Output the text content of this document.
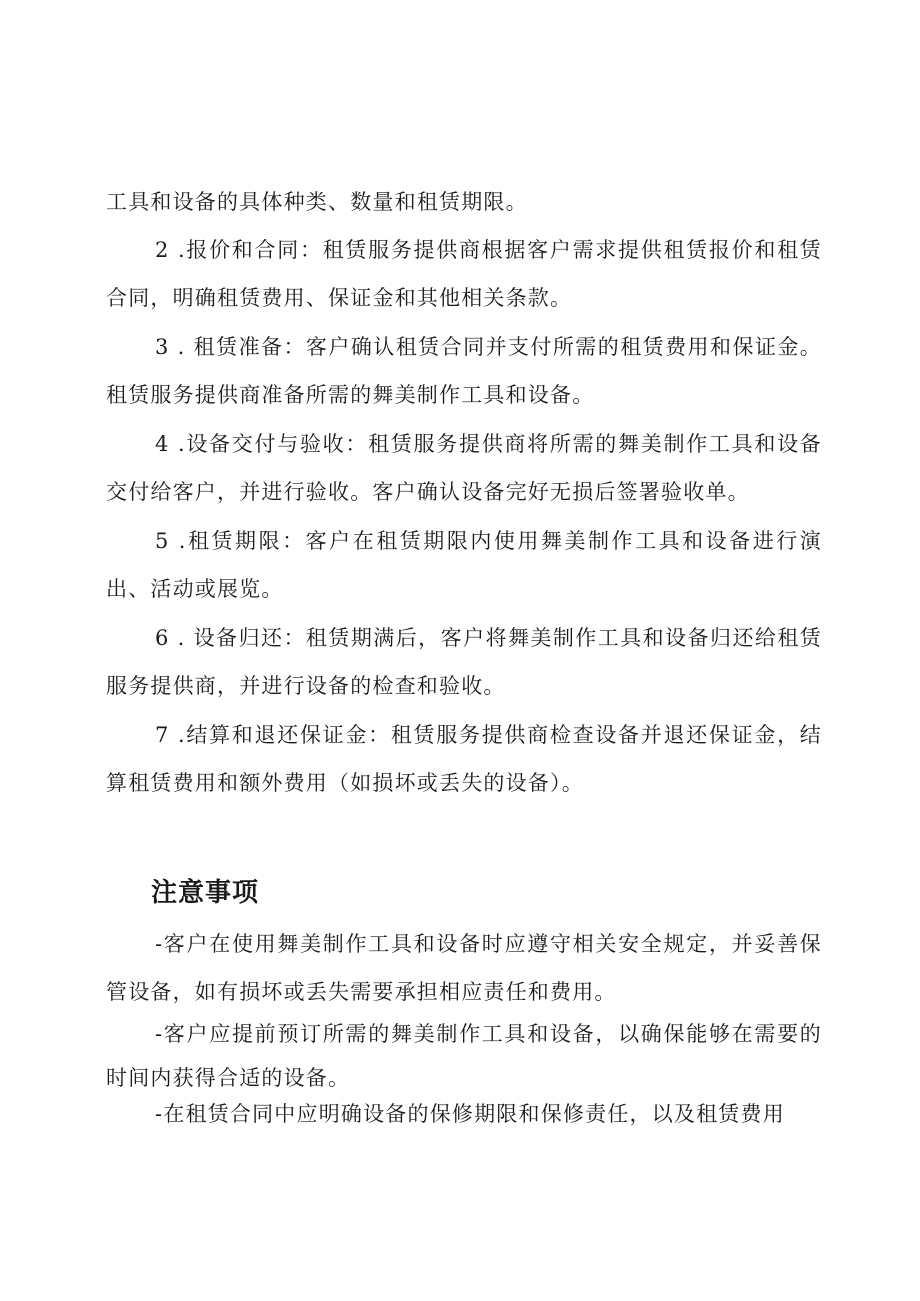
工具和设备的具体种类、数量和租赁期限。

2 .报价和合同：租赁服务提供商根据客户需求提供租赁报价和租赁合同，明确租赁费用、保证金和其他相关条款。

3 . 租赁准备：客户确认租赁合同并支付所需的租赁费用和保证金。租赁服务提供商准备所需的舞美制作工具和设备。

4 .设备交付与验收：租赁服务提供商将所需的舞美制作工具和设备交付给客户，并进行验收。客户确认设备完好无损后签署验收单。

5 .租赁期限：客户在租赁期限内使用舞美制作工具和设备进行演出、活动或展览。

6 . 设备归还：租赁期满后，客户将舞美制作工具和设备归还给租赁服务提供商，并进行设备的检查和验收。

7 .结算和退还保证金：租赁服务提供商检查设备并退还保证金，结算租赁费用和额外费用（如损坏或丢失的设备）。

注意事项

-客户在使用舞美制作工具和设备时应遵守相关安全规定，并妥善保管设备，如有损坏或丢失需要承担相应责任和费用。

-客户应提前预订所需的舞美制作工具和设备，以确保能够在需要的时间内获得合适的设备。

-在租赁合同中应明确设备的保修期限和保修责任，以及租赁费用
